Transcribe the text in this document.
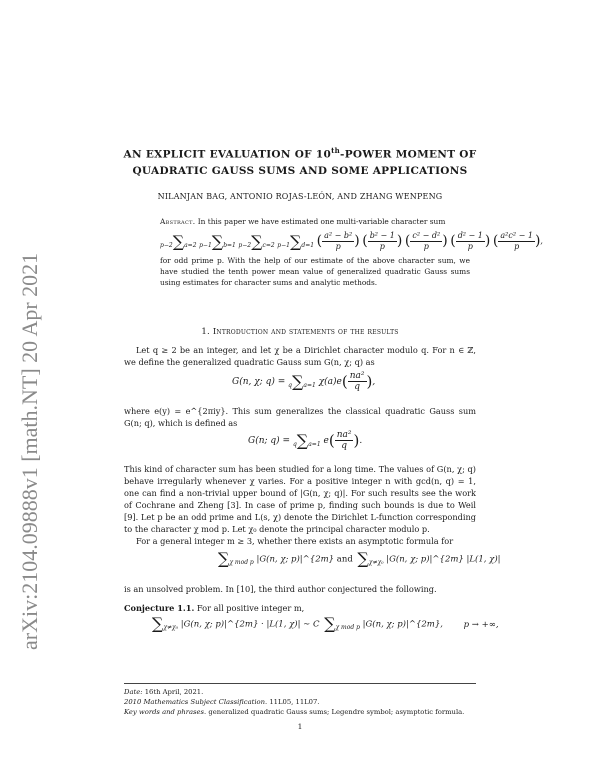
arXiv:2104.09888v1 [math.NT] 20 Apr 2021
AN EXPLICIT EVALUATION OF 10th-POWER MOMENT OF
QUADRATIC GAUSS SUMS AND SOME APPLICATIONS
NILANJAN BAG, ANTONIO ROJAS-LEÓN, AND ZHANG WENPENG
Abstract. In this paper we have estimated one multi-variable character sum
p−2∑a=2 p−1∑b=1 p−2∑c=2 p−1∑d=1 ( $\frac{\text{a² − b²}}{p}$ ) ( $\frac{\text{b² − 1}}{p}$ ) ( $\frac{\text{c² − d²}}{p}$ ) ( $\frac{\text{d² − 1}}{p}$ ) ( $\frac{\text{a²c² − 1}}{p}$ ),
for odd prime p. With the help of our estimate of the above character sum, we have studied the tenth power mean value of generalized quadratic Gauss sums using estimates for character sums and analytic methods.
1. Introduction and statements of the results
Let q ≥ 2 be an integer, and let χ be a Dirichlet character modulo q. For n ∈ ℤ, we define the generalized quadratic Gauss sum G(n, χ; q) as
G(n, χ; q) = q∑a=1 $\chi(a)e( \frac{\text{na²}}{q}$ ),
where e(y) = e^{2πiy}. This sum generalizes the classical quadratic Gauss sum G(n; q), which is defined as
G(n; q) = q∑a=1 $e( \frac{\text{na²}}{q}$ ).
This kind of character sum has been studied for a long time. The values of G(n, χ; q) behave irregularly whenever χ varies. For a positive integer n with gcd(n, q) = 1, one can find a non-trivial upper bound of |G(n, χ; q)|. For such results see the work of Cochrane and Zheng [3]. In case of prime p, finding such bounds is due to Weil [9]. Let p be an odd prime and L(s, χ) denote the Dirichlet L-function corresponding to the character χ mod p. Let χ₀ denote the principal character modulo p.
For a general integer m ≥ 3, whether there exists an asymptotic formula for
∑χ mod p |G(n, χ; p)|^{2m} and ∑χ≠χ₀ |G(n, χ; p)|^{2m} |L(1, χ)|
is an unsolved problem. In [10], the third author conjectured the following.
Conjecture 1.1. For all positive integer m,
∑χ≠χ₀ |G(n, χ; p)|^{2m} · |L(1, χ)| ∼ C ∑χ mod p |G(n, χ; p)|^{2m}, p → +∞,
Date: 16th April, 2021.
2010 Mathematics Subject Classification. 11L05, 11L07.
Key words and phrases. generalized quadratic Gauss sums; Legendre symbol; asymptotic formula.
1
